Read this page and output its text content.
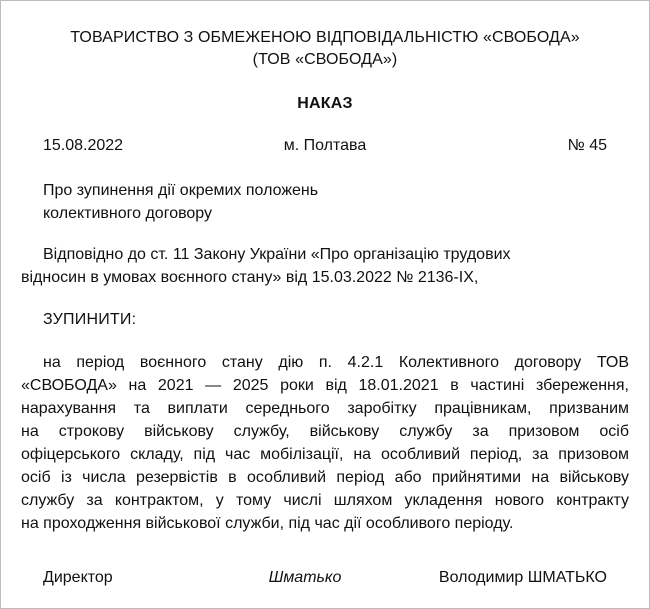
ТОВАРИСТВО З ОБМЕЖЕНОЮ ВІДПОВІДАЛЬНІСТЮ «СВОБОДА»
(ТОВ «СВОБОДА»)
НАКАЗ
15.08.2022	м. Полтава	№ 45
Про зупинення дії окремих положень
колективного договору
Відповідно до ст. 11 Закону України «Про організацію трудових
відносин в умовах воєнного стану» від 15.03.2022 № 2136-IX,
ЗУПИНИТИ:
на період воєнного стану дію п. 4.2.1 Колективного договору ТОВ
«СВОБОДА» на 2021 — 2025 роки від 18.01.2021 в частині збереження,
нарахування та виплати середнього заробітку працівникам, призваним
на строкову військову службу, військову службу за призовом осіб
офіцерського складу, під час мобілізації, на особливий період, за призовом
осіб із числа резервістів в особливий період або прийнятими на військову
службу за контрактом, у тому числі шляхом укладення нового контракту
на проходження військової служби, під час дії особливого періоду.
Директор	Шматько	Володимир ШМАТЬКО
